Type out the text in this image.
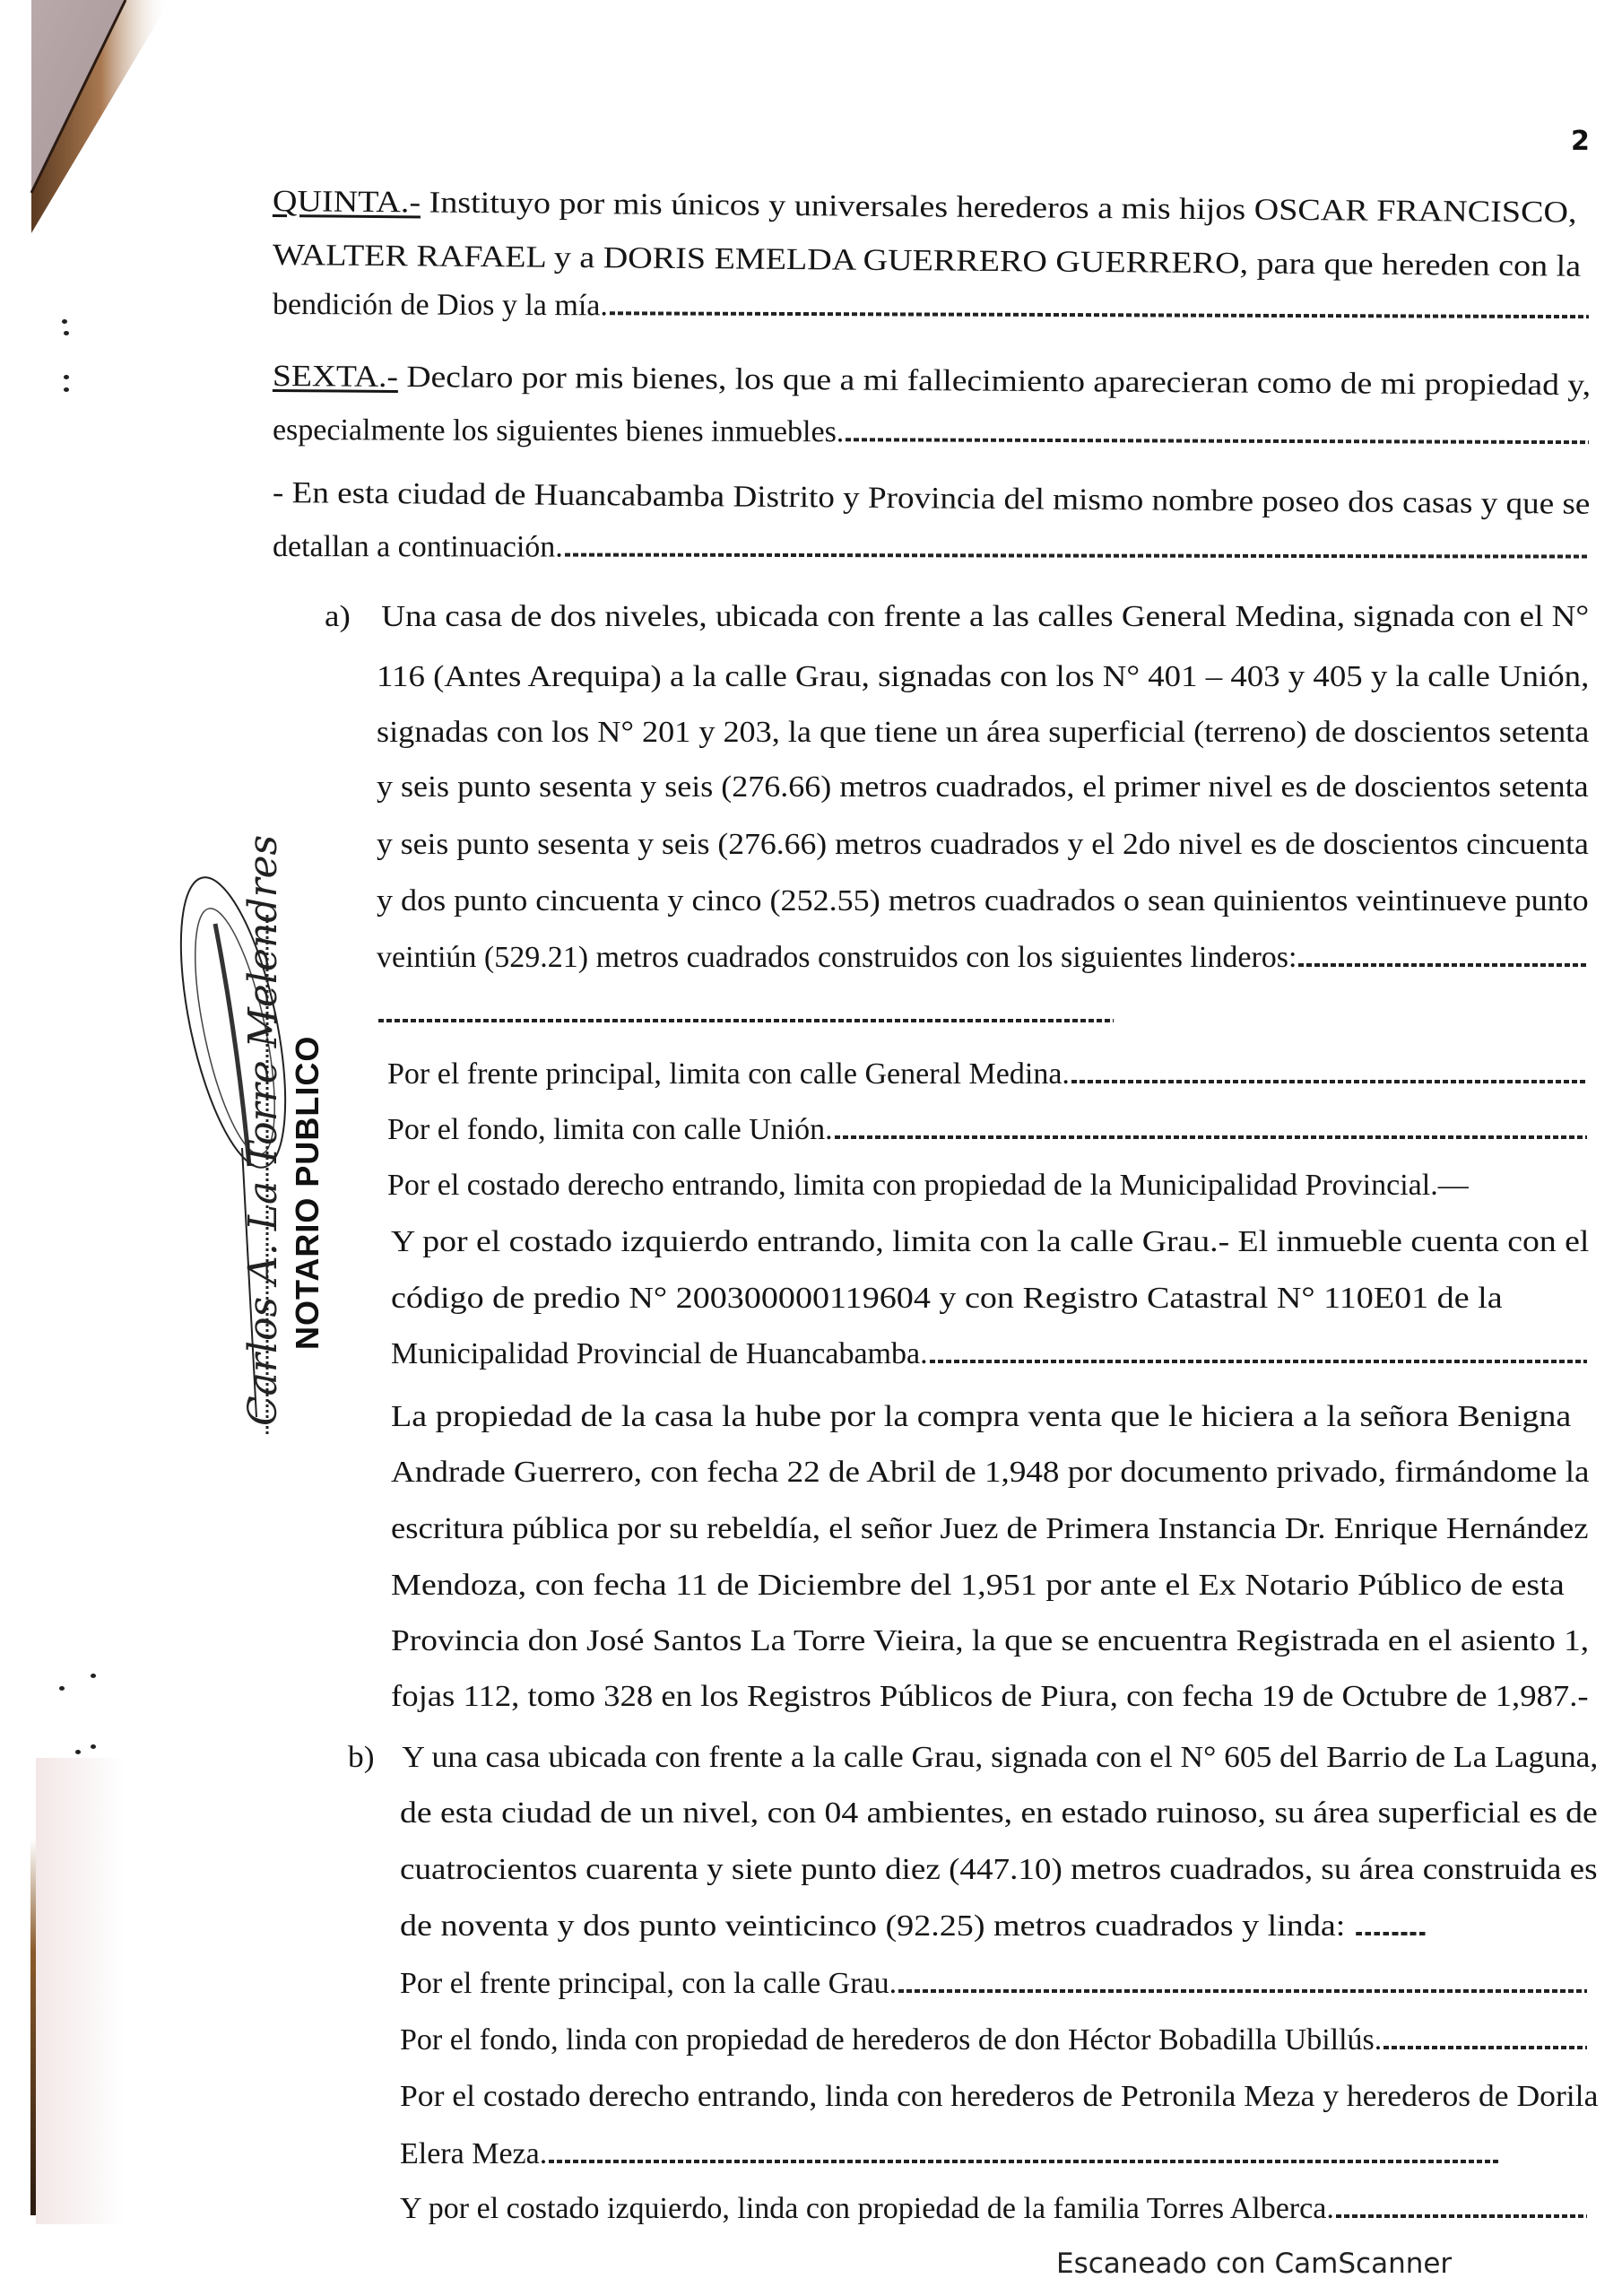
2
Carlos A. La Torre Melendres NOTARIO PUBLICO
QUINTA.- Instituyo por mis únicos y universales herederos a mis hijos OSCAR FRANCISCO,
WALTER RAFAEL y a DORIS EMELDA GUERRERO GUERRERO, para que hereden con la
bendición de Dios y la mía.
SEXTA.- Declaro por mis bienes, los que a mi fallecimiento aparecieran como de mi propiedad y,
especialmente los siguientes bienes inmuebles.
- En esta ciudad de Huancabamba Distrito y Provincia del mismo nombre poseo dos casas y que se
detallan a continuación.
a) Una casa de dos niveles, ubicada con frente a las calles General Medina, signada con el N°
116 (Antes Arequipa) a la calle Grau, signadas con los N° 401 – 403 y 405 y la calle Unión,
signadas con los N° 201 y 203, la que tiene un área superficial (terreno) de doscientos setenta
y seis punto sesenta y seis (276.66) metros cuadrados, el primer nivel es de doscientos setenta
y seis punto sesenta y seis (276.66) metros cuadrados y el 2do nivel es de doscientos cincuenta
y dos punto cincuenta y cinco (252.55) metros cuadrados o sean quinientos veintinueve punto
veintiún (529.21) metros cuadrados construidos con los siguientes linderos:
Por el frente principal, limita con calle General Medina.
Por el fondo, limita con calle Unión.
Por el costado derecho entrando, limita con propiedad de la Municipalidad Provincial.—
Y por el costado izquierdo entrando, limita con la calle Grau.- El inmueble cuenta con el
código de predio N° 200300000119604 y con Registro Catastral N° 110E01 de la
Municipalidad Provincial de Huancabamba.
La propiedad de la casa la hube por la compra venta que le hiciera a la señora Benigna
Andrade Guerrero, con fecha 22 de Abril de 1,948 por documento privado, firmándome la
escritura pública por su rebeldía, el señor Juez de Primera Instancia Dr. Enrique Hernández
Mendoza, con fecha 11 de Diciembre del 1,951 por ante el Ex Notario Público de esta
Provincia don José Santos La Torre Vieira, la que se encuentra Registrada en el asiento 1,
fojas 112, tomo 328 en los Registros Públicos de Piura, con fecha 19 de Octubre de 1,987.-
b) Y una casa ubicada con frente a la calle Grau, signada con el N° 605 del Barrio de La Laguna,
de esta ciudad de un nivel, con 04 ambientes, en estado ruinoso, su área superficial es de
cuatrocientos cuarenta y siete punto diez (447.10) metros cuadrados, su área construida es
de noventa y dos punto veinticinco (92.25) metros cuadrados y linda:
Por el frente principal, con la calle Grau.
Por el fondo, linda con propiedad de herederos de don Héctor Bobadilla Ubillús.
Por el costado derecho entrando, linda con herederos de Petronila Meza y herederos de Dorila
Elera Meza.
Y por el costado izquierdo, linda con propiedad de la familia Torres Alberca.
Escaneado con CamScanner
